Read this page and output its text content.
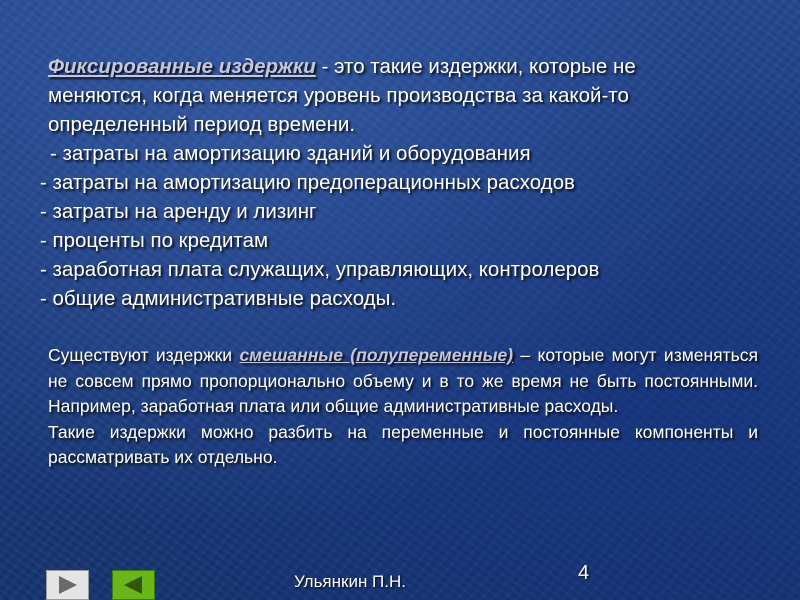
Фиксированные издержки - это такие издержки, которые не
меняются, когда меняется уровень производства за какой-то
определенный период времени.
- затраты на амортизацию зданий и оборудования
- затраты на амортизацию предоперационных расходов
- затраты на аренду и лизинг
- проценты по кредитам
- заработная плата служащих, управляющих, контролеров
- общие административные расходы.
Существуют издержки смешанные (полупеременные) – которые могут изменяться не совсем прямо пропорционально объему и в то же время не быть постоянными. Например, заработная плата или общие административные расходы.
Такие издержки можно разбить на переменные и постоянные компоненты и рассматривать их отдельно.
Ульянкин П.Н.	4
